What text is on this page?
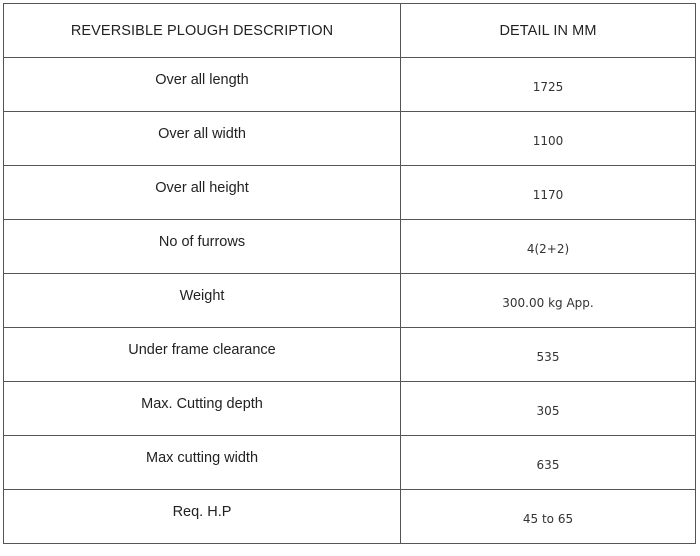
REVERSIBLE PLOUGH DESCRIPTION	DETAIL IN MM
Over all length	1725
Over all width	1100
Over all height	1170
No of furrows	4(2+2)
Weight	300.00 kg App.
Under frame clearance	535
Max. Cutting depth	305
Max cutting width	635
Req. H.P	45 to 65
